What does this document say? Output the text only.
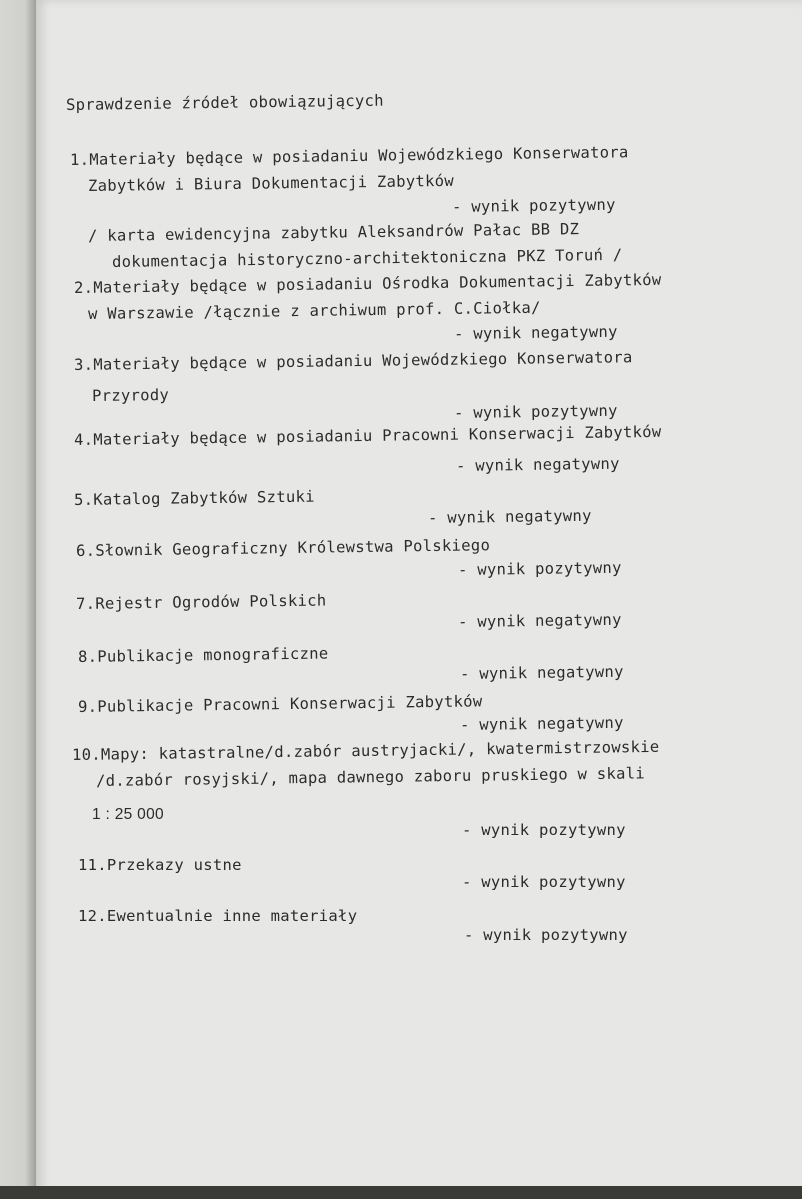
Sprawdzenie źródeł obowiązujących
1.Materiały będące w posiadaniu Wojewódzkiego Konserwatora
Zabytków i Biura Dokumentacji Zabytków
- wynik pozytywny
/ karta ewidencyjna zabytku Aleksandrów Pałac BB DZ
dokumentacja historyczno-architektoniczna PKZ Toruń /
2.Materiały będące w posiadaniu Ośrodka Dokumentacji Zabytków
w Warszawie /łącznie z archiwum prof. C.Ciołka/
- wynik negatywny
3.Materiały będące w posiadaniu Wojewódzkiego Konserwatora
Przyrody
- wynik pozytywny
4.Materiały będące w posiadaniu Pracowni Konserwacji Zabytków
- wynik negatywny
5.Katalog Zabytków Sztuki
- wynik negatywny
6.Słownik Geograficzny Królewstwa Polskiego
- wynik pozytywny
7.Rejestr Ogrodów Polskich
- wynik negatywny
8.Publikacje monograficzne
- wynik negatywny
9.Publikacje Pracowni Konserwacji Zabytków
- wynik negatywny
10.Mapy: katastralne/d.zabór austryjacki/, kwatermistrzowskie
/d.zabór rosyjski/, mapa dawnego zaboru pruskiego w skali
1 : 25 000
- wynik pozytywny
11.Przekazy ustne
- wynik pozytywny
12.Ewentualnie inne materiały
- wynik pozytywny
